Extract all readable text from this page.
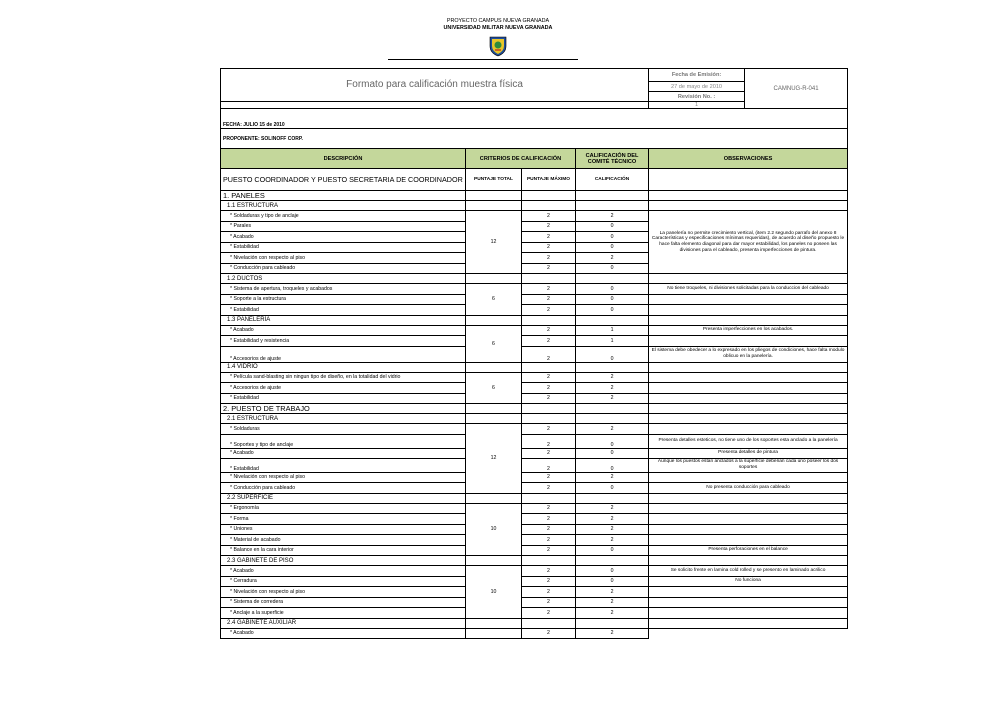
PROYECTO CAMPUS NUEVA GRANADA
UNIVERSIDAD MILITAR NUEVA GRANADA
Formato para calificación muestra física				Fecha de Emisión:	CAMNUG-R-041
				27 de mayo de 2010	
				Revisión No. :	
				1	
FECHA: JULIO 15 de 2010					
PROPONENTE: SOLINOFF CORP.					
DESCRIPCIÓN	CRITERIOS DE CALIFICACIÓN		CALIFICACIÓN DEL COMITÉ TÉCNICO	OBSERVACIONES	
PUESTO COORDINADOR Y PUESTO SECRETARIA DE COORDINADOR	PUNTAJE TOTAL	PUNTAJE MÁXIMO	CALIFICACIÓN		
1. PANELES					
1.1 ESTRUCTURA					
* Soldaduras y tipo de anclaje	12	2	2	La panelería no permite crecimiento vertical, (item 2.2 segundo parrafo del anexo 8 Características y especificaciones mínimas requeridas), de acuerdo al diseño propuesto le hace falta elemento diagonal para dar mayor estabilidad, los paneles no poseen las divisiones para el cableado, presenta imperfecciones de pintura.	
* Parales		2	0		
* Acabado		2	0		
* Estabilidad		2	0		
* Nivelación con respecto al piso		2	2		
* Conducción para cableado		2	0		
1.2 DUCTOS					
* Sistema de apertura, troqueles y acabados	6	2	0	No tiene troqueles, ni divisiones solicitadas para la conduccion del cableado	
* Soporte a la estructura		2	0		
* Estabilidad		2	0		
1.3 PANELERÍA					
* Acabado	6	2	1	Presenta imperfecciones en los acabados.	
* Estabilidad y resistencia		2	1		
* Accesorios de ajuste		2	0	El sistema debe obedecer a lo expresado en los pliegos de condiciones, hace falta modulo oblicuo en la panelería.	
1.4 VIDRIO					
* Película sand-blasting sin ningun tipo de diseño, en la totalidad del vidrio	6	2	2		
* Accesorios de ajuste		2	2		
* Estabilidad		2	2		
2. PUESTO DE TRABAJO					
2.1 ESTRUCTURA					
* Soldaduras	12	2	2		
* Soportes y tipo de anclaje		2	0	Presenta detalles esteticos, no tiene uno de los soportes esta anclado a la panelería	
* Acabado		2	0	Presenta detalles de pintura	
* Estabilidad		2	0	Aunque los puestos estan anclados a la superficie deberian cada uno poseer los dos soportes	
* Nivelación con respecto al piso		2	2		
* Conducción para cableado		2	0	No presenta conducción para cableado	
2.2 SUPERFICIE					
* Ergonomía	10	2	2		
* Forma		2	2		
* Uniones		2	2		
* Material de acabado		2	2		
* Balance en la cara interior		2	0	Presenta perforaciones en el balance	
2.3 GABINETE DE PISO					
* Acabado	10	2	0	Se solicito frente en lamina cold rolled y se presento en laminado acrilico	
* Cerradura		2	0	No funciona	
* Nivelación con respecto al piso		2	2		
* Sistema de corredera		2	2		
* Anclaje a la superficie		2	2		
2.4 GABINETE AUXILIAR					
* Acabado		2	2		
